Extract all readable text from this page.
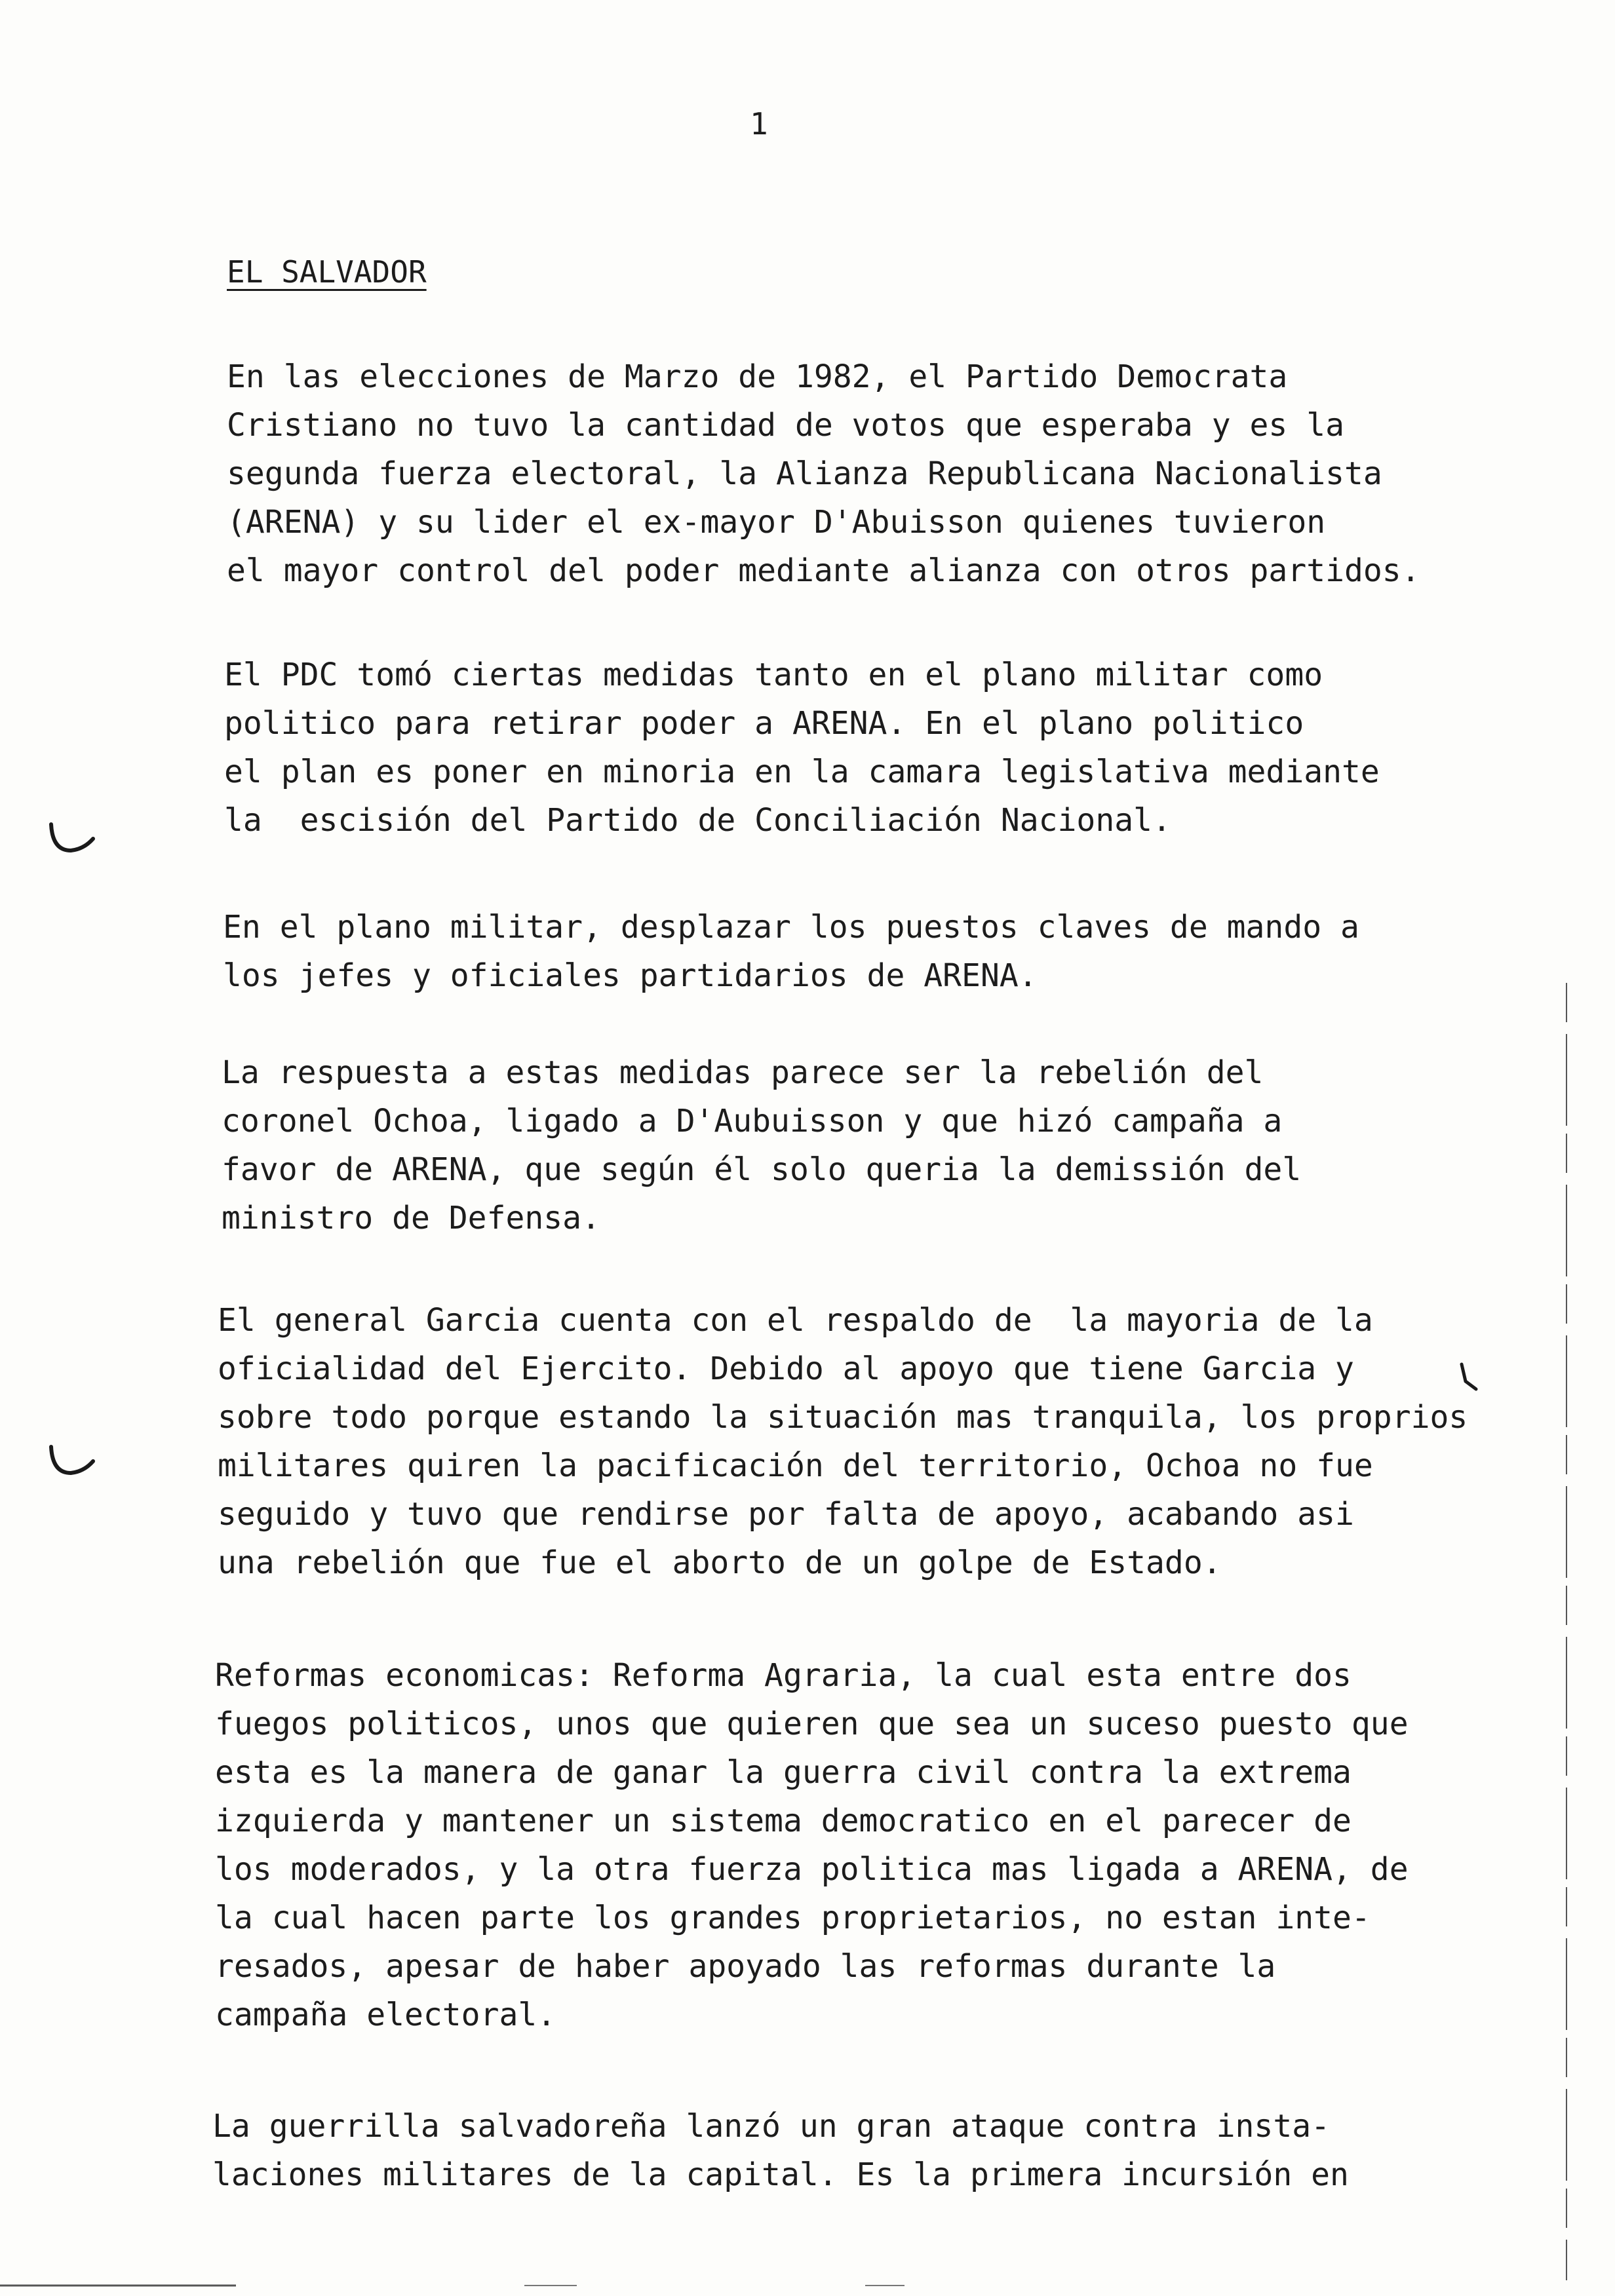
1
EL SALVADOR
En las elecciones de Marzo de 1982, el Partido Democrata
Cristiano no tuvo la cantidad de votos que esperaba y es la
segunda fuerza electoral, la Alianza Republicana Nacionalista
(ARENA) y su lider el ex-mayor D'Abuisson quienes tuvieron
el mayor control del poder mediante alianza con otros partidos.
El PDC tomó ciertas medidas tanto en el plano militar como
politico para retirar poder a ARENA. En el plano politico
el plan es poner en minoria en la camara legislativa mediante
la  escisión del Partido de Conciliación Nacional.
En el plano militar, desplazar los puestos claves de mando a
los jefes y oficiales partidarios de ARENA.
La respuesta a estas medidas parece ser la rebelión del
coronel Ochoa, ligado a D'Aubuisson y que hizó campaña a
favor de ARENA, que según él solo queria la demissión del
ministro de Defensa.
El general Garcia cuenta con el respaldo de  la mayoria de la
oficialidad del Ejercito. Debido al apoyo que tiene Garcia y
sobre todo porque estando la situación mas tranquila, los proprios
militares quiren la pacificación del territorio, Ochoa no fue
seguido y tuvo que rendirse por falta de apoyo, acabando asi
una rebelión que fue el aborto de un golpe de Estado.
Reformas economicas: Reforma Agraria, la cual esta entre dos
fuegos politicos, unos que quieren que sea un suceso puesto que
esta es la manera de ganar la guerra civil contra la extrema
izquierda y mantener un sistema democratico en el parecer de
los moderados, y la otra fuerza politica mas ligada a ARENA, de
la cual hacen parte los grandes proprietarios, no estan inte-
resados, apesar de haber apoyado las reformas durante la
campaña electoral.
La guerrilla salvadoreña lanzó un gran ataque contra insta-
laciones militares de la capital. Es la primera incursión en
